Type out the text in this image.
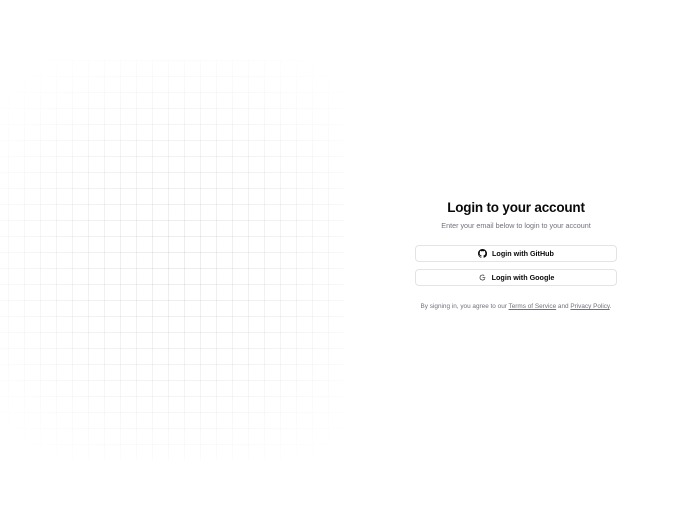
Login to your account

Enter your email below to login to your account

Login with GitHub
Login with Google
By signing in, you agree to our Terms of Service and Privacy Policy.
